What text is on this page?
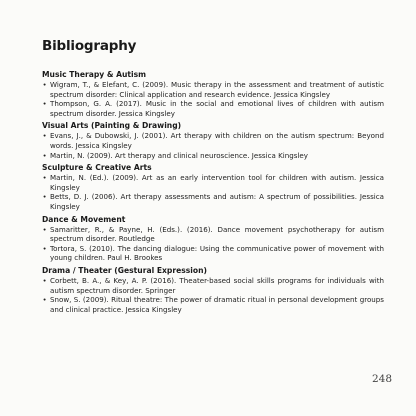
Bibliography
Music Therapy & Autism
• Wigram, T., & Elefant, C. (2009). Music therapy in the assessment and treatment of autistic spectrum disorder: Clinical application and research evidence. Jessica Kingsley
• Thompson, G. A. (2017). Music in the social and emotional lives of children with autism spectrum disorder. Jessica Kingsley
Visual Arts (Painting & Drawing)
• Evans, J., & Dubowski, J. (2001). Art therapy with children on the autism spectrum: Beyond words. Jessica Kingsley
• Martin, N. (2009). Art therapy and clinical neuroscience. Jessica Kingsley
Sculpture & Creative Arts
• Martin, N. (Ed.). (2009). Art as an early intervention tool for children with autism. Jessica Kingsley
• Betts, D. J. (2006). Art therapy assessments and autism: A spectrum of possibilities. Jessica Kingsley
Dance & Movement
• Samaritter, R., & Payne, H. (Eds.). (2016). Dance movement psychotherapy for autism spectrum disorder. Routledge
• Tortora, S. (2010). The dancing dialogue: Using the communicative power of movement with young children. Paul H. Brookes
Drama / Theater (Gestural Expression)
• Corbett, B. A., & Key, A. P. (2016). Theater-based social skills programs for individuals with autism spectrum disorder. Springer
• Snow, S. (2009). Ritual theatre: The power of dramatic ritual in personal development groups and clinical practice. Jessica Kingsley
248
